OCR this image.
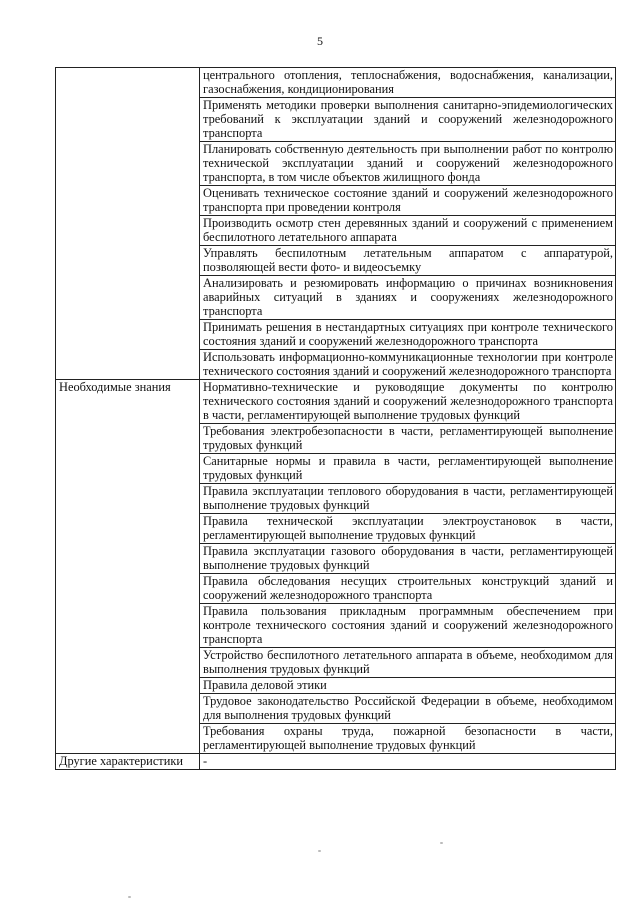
5
	центрального отопления, теплоснабжения, водоснабжения, канализации, газоснабжения, кондиционирования
	Применять методики проверки выполнения санитарно-эпидемиологических требований к эксплуатации зданий и сооружений железнодорожного транспорта
	Планировать собственную деятельность при выполнении работ по контролю технической эксплуатации зданий и сооружений железнодорожного транспорта, в том числе объектов жилищного фонда
	Оценивать техническое состояние зданий и сооружений железнодорожного транспорта при проведении контроля
	Производить осмотр стен деревянных зданий и сооружений с применением беспилотного летательного аппарата
	Управлять беспилотным летательным аппаратом с аппаратурой, позволяющей вести фото- и видеосъемку
	Анализировать и резюмировать информацию о причинах возникновения аварийных ситуаций в зданиях и сооружениях железнодорожного транспорта
	Принимать решения в нестандартных ситуациях при контроле технического состояния зданий и сооружений железнодорожного транспорта
	Использовать информационно-коммуникационные технологии при контроле технического состояния зданий и сооружений железнодорожного транспорта
Необходимые знания	Нормативно-технические и руководящие документы по контролю технического состояния зданий и сооружений железнодорожного транспорта в части, регламентирующей выполнение трудовых функций
	Требования электробезопасности в части, регламентирующей выполнение трудовых функций
	Санитарные нормы и правила в части, регламентирующей выполнение трудовых функций
	Правила эксплуатации теплового оборудования в части, регламентирующей выполнение трудовых функций
	Правила технической эксплуатации электроустановок в части, регламентирующей выполнение трудовых функций
	Правила эксплуатации газового оборудования в части, регламентирующей выполнение трудовых функций
	Правила обследования несущих строительных конструкций зданий и сооружений железнодорожного транспорта
	Правила пользования прикладным программным обеспечением при контроле технического состояния зданий и сооружений железнодорожного транспорта
	Устройство беспилотного летательного аппарата в объеме, необходимом для выполнения трудовых функций
	Правила деловой этики
	Трудовое законодательство Российской Федерации в объеме, необходимом для выполнения трудовых функций
	Требования охраны труда, пожарной безопасности в части, регламентирующей выполнение трудовых функций
Другие характеристики	-
